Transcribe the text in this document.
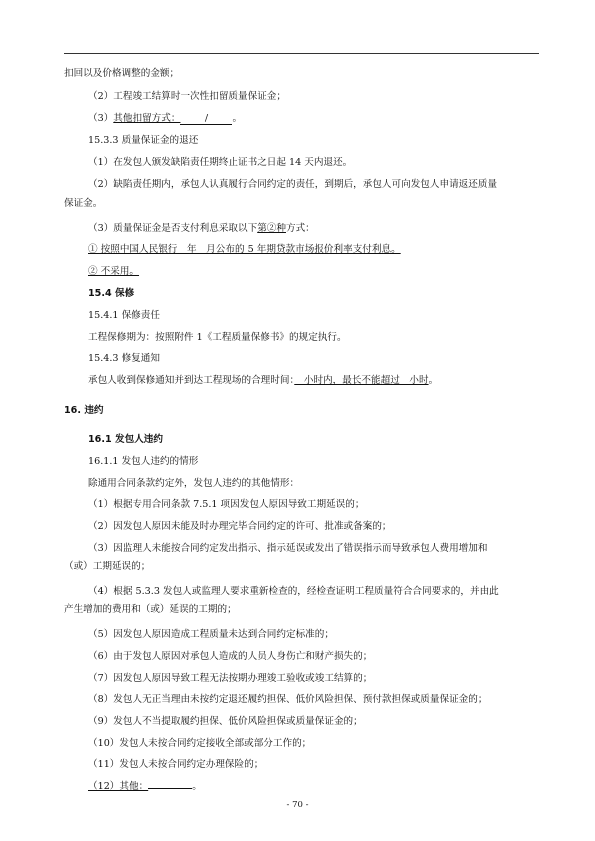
扣回以及价格调整的金额；
（2）工程竣工结算时一次性扣留质量保证金；
（3）其他扣留方式：	/	。
15.3.3 质量保证金的退还
（1）在发包人颁发缺陷责任期终止证书之日起 14 天内退还。
（2）缺陷责任期内，承包人认真履行合同约定的责任，到期后，承包人可向发包人申请返还质量
保证金。
（3）质量保证金是否支付利息采取以下第②种方式：
① 按照中国人民银行　年　月公布的 5 年期贷款市场报价利率支付利息。
② 不采用。
15.4 保修
15.4.1 保修责任
工程保修期为：按照附件 1《工程质量保修书》的规定执行。
15.4.3 修复通知
承包人收到保修通知并到达工程现场的合理时间：　小时内，最长不能超过　小时。
16. 违约
16.1 发包人违约
16.1.1 发包人违约的情形
除通用合同条款约定外，发包人违约的其他情形：
（1）根据专用合同条款 7.5.1 项因发包人原因导致工期延误的；
（2）因发包人原因未能及时办理完毕合同约定的许可、批准或备案的；
（3）因监理人未能按合同约定发出指示、指示延误或发出了错误指示而导致承包人费用增加和
（或）工期延误的；
（4）根据 5.3.3 发包人或监理人要求重新检查的，经检查证明工程质量符合合同要求的，并由此
产生增加的费用和（或）延误的工期的；
（5）因发包人原因造成工程质量未达到合同约定标准的；
（6）由于发包人原因对承包人造成的人员人身伤亡和财产损失的；
（7）因发包人原因导致工程无法按期办理竣工验收或竣工结算的；
（8）发包人无正当理由未按约定退还履约担保、低价风险担保、预付款担保或质量保证金的；
（9）发包人不当提取履约担保、低价风险担保或质量保证金的；
（10）发包人未按合同约定接收全部或部分工作的；
（11）发包人未按合同约定办理保险的；
（12）其他：	。
- 70 -
